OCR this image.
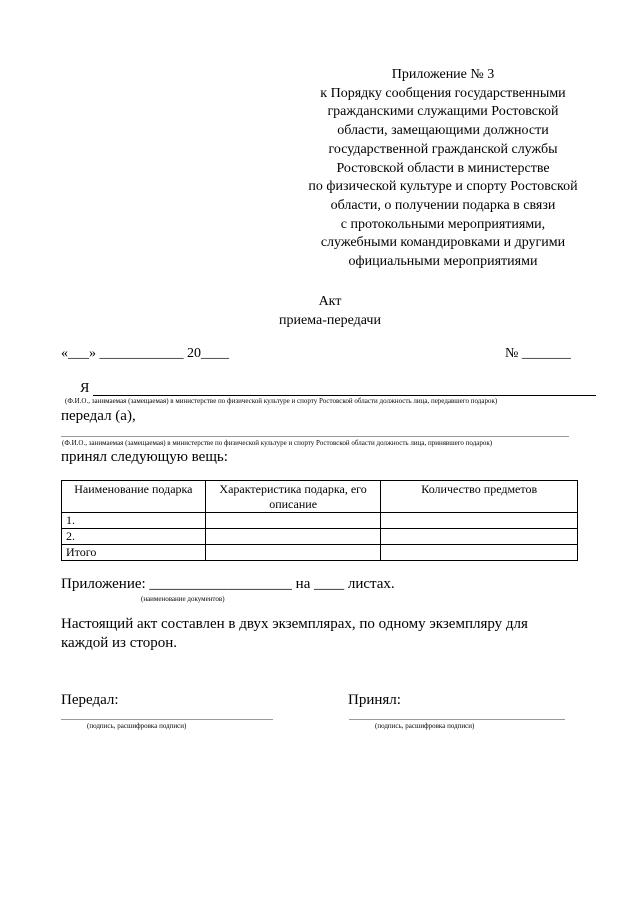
Приложение № 3
к Порядку сообщения государственными
гражданскими служащими Ростовской
области, замещающими должности
государственной гражданской службы
Ростовской области в министерстве
по физической культуре и спорту Ростовской
области, о получении подарка в связи
с протокольными мероприятиями,
служебными командировками и другими
официальными мероприятиями
Акт
приема-передачи
«___» ____________ 20____	№ _______
Я
(Ф.И.О., занимаемая (замещаемая) в министерстве по физической культуре и спорту Ростовской области должность лица, передавшего подарок)
передал (а),
(Ф.И.О., занимаемая (замещаемая) в министерстве по физической культуре и спорту Ростовской области должность лица, принявшего подарок)
принял следующую вещь:
Наименование подарка	Характеристика подарка, его описание	Количество предметов
1.		
2.		
Итого		
Приложение: ___________________ на ____ листах.
(наименование документов)
Настоящий акт составлен в двух экземплярах, по одному экземпляру для
каждой из сторон.
Передал:	Принял:
(подпись, расшифровка подписи)	(подпись, расшифровка подписи)
